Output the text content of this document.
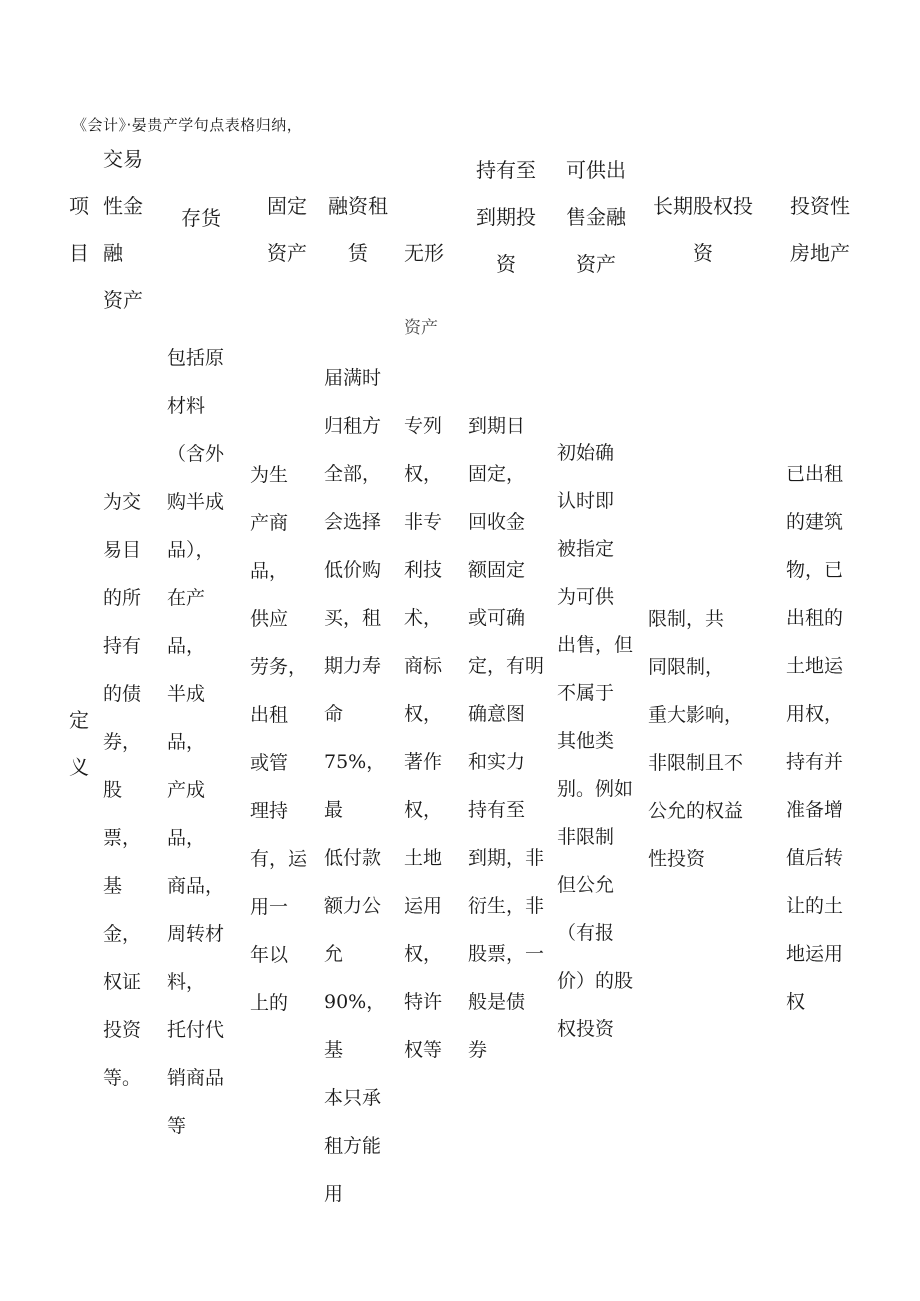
《会计》·晏贵产学句点表格归纳，
项
目
交易
性金
融
资产
存货	固定
资产
融资租
赁	无形

资产

持有至
到期投
资
可供出
售金融
资产
长期股权投
资
投资性
房地产
定
义
为交
易目
的所
持有
的债
券，
股
票，
基
金，
权证
投资
等。
包括原
材料
（含外
购半成
品），
在产
品，
半成
品，
产成
品，
商品，
周转材
料，
托付代
销商品
等
为生
产商
品，
供应
劳务，
出租
或管
理持
有，运
用一
年以
上的
届满时
归租方
全部，
会选择
低价购
买，租
期力寿
命
75%，最
低付款
额力公
允
90%，基
本只承
租方能
用
专列
权，
非专
利技
术，
商标
权，
著作
权，
土地
运用
权，
特许
权等
到期日
固定，
回收金
额固定
或可确
定，有明
确意图
和实力
持有至
到期，非
衍生，非
股票，一
般是债
券
初始确
认时即
被指定
为可供
出售，但
不属于
其他类
别。例如
非限制
但公允
（有报
价）的股
权投资
限制，共
同限制，
重大影响，
非限制且不
公允的权益
性投资
已出租
的建筑
物，已
出租的
土地运
用权，
持有并
准备增
值后转
让的土
地运用
权
